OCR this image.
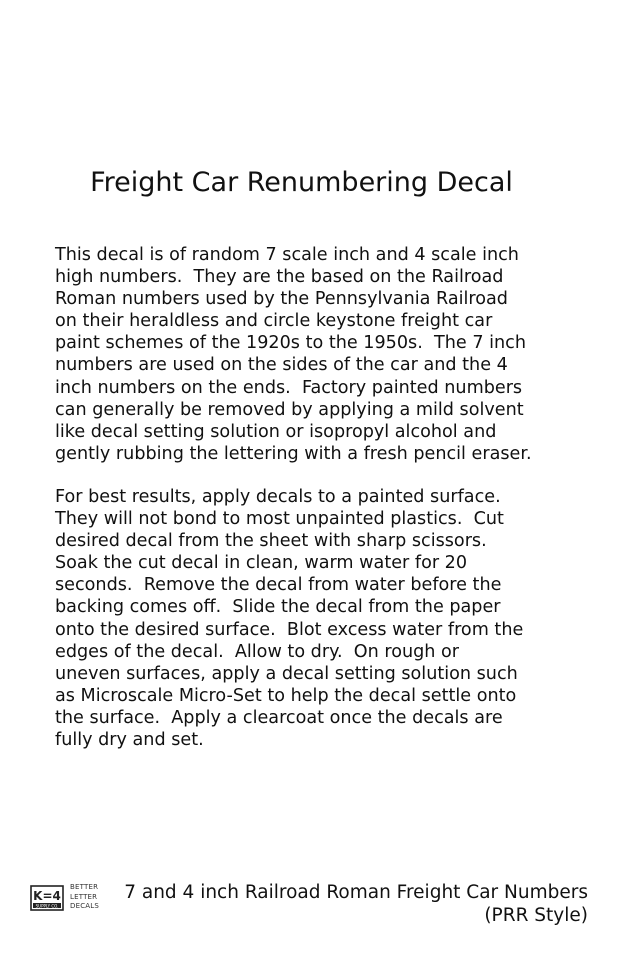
Freight Car Renumbering Decal
This decal is of random 7 scale inch and 4 scale inch
high numbers.  They are the based on the Railroad
Roman numbers used by the Pennsylvania Railroad
on their heraldless and circle keystone freight car
paint schemes of the 1920s to the 1950s.  The 7 inch
numbers are used on the sides of the car and the 4
inch numbers on the ends.  Factory painted numbers
can generally be removed by applying a mild solvent
like decal setting solution or isopropyl alcohol and
gently rubbing the lettering with a fresh pencil eraser.
For best results, apply decals to a painted surface.
They will not bond to most unpainted plastics.  Cut
desired decal from the sheet with sharp scissors.
Soak the cut decal in clean, warm water for 20
seconds.  Remove the decal from water before the
backing comes off.  Slide the decal from the paper
onto the desired surface.  Blot excess water from the
edges of the decal.  Allow to dry.  On rough or
uneven surfaces, apply a decal setting solution such
as Microscale Micro-Set to help the decal settle onto
the surface.  Apply a clearcoat once the decals are
fully dry and set.
K=4
SUPPLY CO.
BETTER
LETTER
DECALS
7 and 4 inch Railroad Roman Freight Car Numbers
(PRR Style)
